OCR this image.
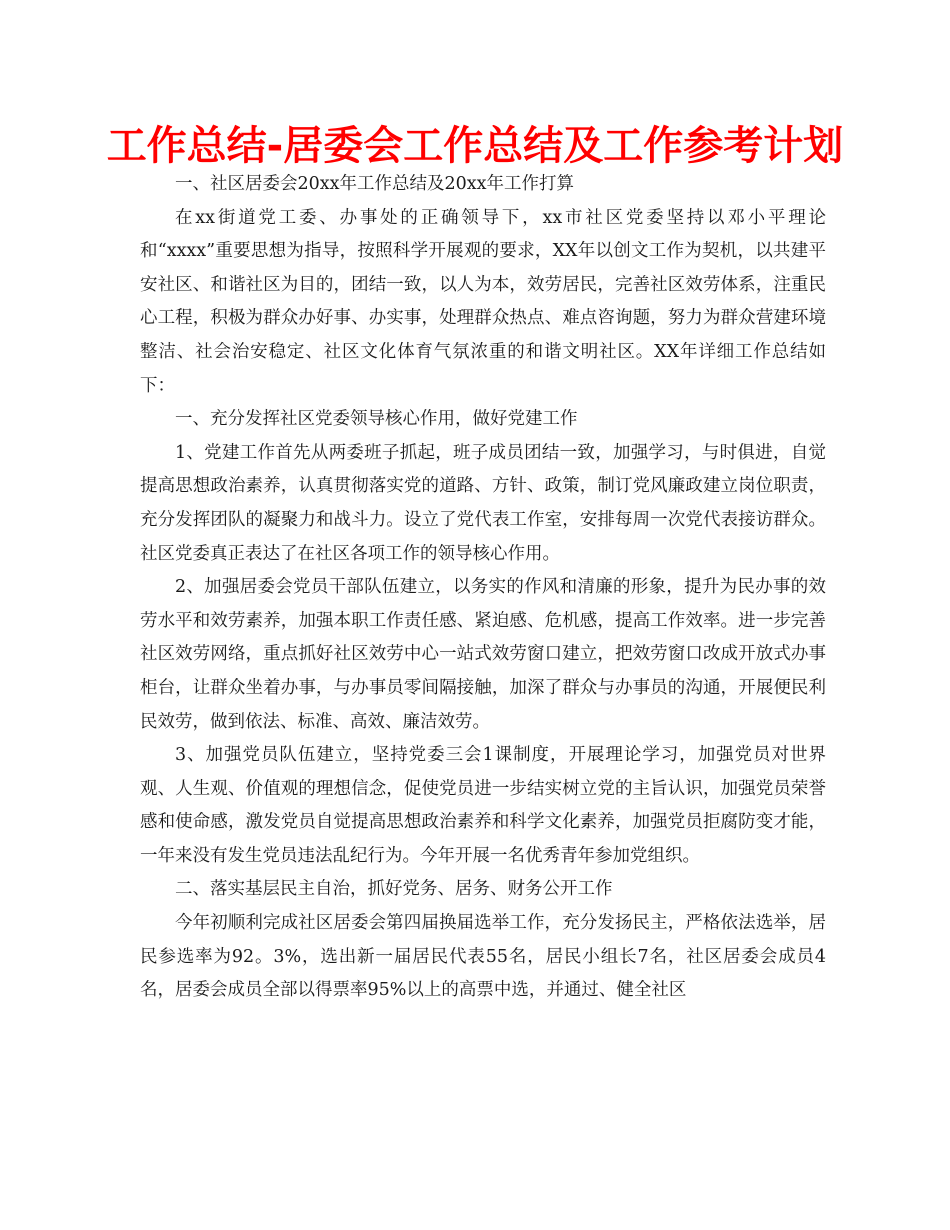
工作总结-居委会工作总结及工作参考计划

一、社区居委会20xx年工作总结及20xx年工作打算

在xx街道党工委、办事处的正确领导下，xx市社区党委坚持以邓小平理论和“xxxx”重要思想为指导，按照科学开展观的要求，XX年以创文工作为契机，以共建平安社区、和谐社区为目的，团结一致，以人为本，效劳居民，完善社区效劳体系，注重民心工程，积极为群众办好事、办实事，处理群众热点、难点咨询题，努力为群众营建环境整洁、社会治安稳定、社区文化体育气氛浓重的和谐文明社区。XX年详细工作总结如下：

一、充分发挥社区党委领导核心作用，做好党建工作

1、党建工作首先从两委班子抓起，班子成员团结一致，加强学习，与时俱进，自觉提高思想政治素养，认真贯彻落实党的道路、方针、政策，制订党风廉政建立岗位职责，充分发挥团队的凝聚力和战斗力。设立了党代表工作室，安排每周一次党代表接访群众。社区党委真正表达了在社区各项工作的领导核心作用。

2、加强居委会党员干部队伍建立，以务实的作风和清廉的形象，提升为民办事的效劳水平和效劳素养，加强本职工作责任感、紧迫感、危机感，提高工作效率。进一步完善社区效劳网络，重点抓好社区效劳中心一站式效劳窗口建立，把效劳窗口改成开放式办事柜台，让群众坐着办事，与办事员零间隔接触，加深了群众与办事员的沟通，开展便民利民效劳，做到依法、标准、高效、廉洁效劳。

3、加强党员队伍建立，坚持党委三会1课制度，开展理论学习，加强党员对世界观、人生观、价值观的理想信念，促使党员进一步结实树立党的主旨认识，加强党员荣誉感和使命感，激发党员自觉提高思想政治素养和科学文化素养，加强党员拒腐防变才能，一年来没有发生党员违法乱纪行为。今年开展一名优秀青年参加党组织。

二、落实基层民主自治，抓好党务、居务、财务公开工作

今年初顺利完成社区居委会第四届换届选举工作，充分发扬民主，严格依法选举，居民参选率为92。3%，选出新一届居民代表55名，居民小组长7名，社区居委会成员4名，居委会成员全部以得票率95%以上的高票中选，并通过、健全社区
